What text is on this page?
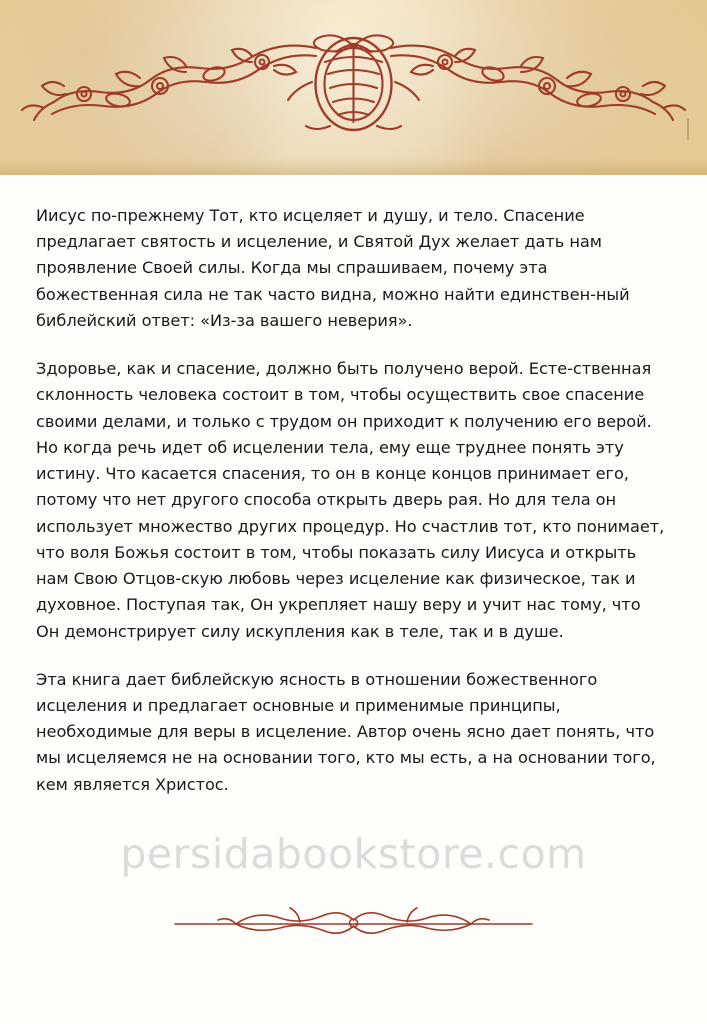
Иисус по-прежнему Тот, кто исцеляет и душу, и тело. Спасение предлагает святость и исцеление, и Святой Дух желает дать нам проявление Своей силы. Когда мы спрашиваем, почему эта божественная сила не так часто видна, можно найти единствен-ный библейский ответ: «Из-за вашего неверия».

Здоровье, как и спасение, должно быть получено верой. Есте-ственная склонность человека состоит в том, чтобы осуществить свое спасение своими делами, и только с трудом он приходит к получению его верой. Но когда речь идет об исцелении тела, ему еще труднее понять эту истину. Что касается спасения, то он в конце концов принимает его, потому что нет другого способа открыть дверь рая. Но для тела он использует множество других процедур. Но счастлив тот, кто понимает, что воля Божья состоит в том, чтобы показать силу Иисуса и открыть нам Свою Отцов-скую любовь через исцеление как физическое, так и духовное. Поступая так, Он укрепляет нашу веру и учит нас тому, что Он демонстрирует силу искупления как в теле, так и в душе.

Эта книга дает библейскую ясность в отношении божественного исцеления и предлагает основные и применимые принципы, необходимые для веры в исцеление. Автор очень ясно дает понять, что мы исцеляемся не на основании того, кто мы есть, а на основании того, кем является Христос.

persidabookstore.com
